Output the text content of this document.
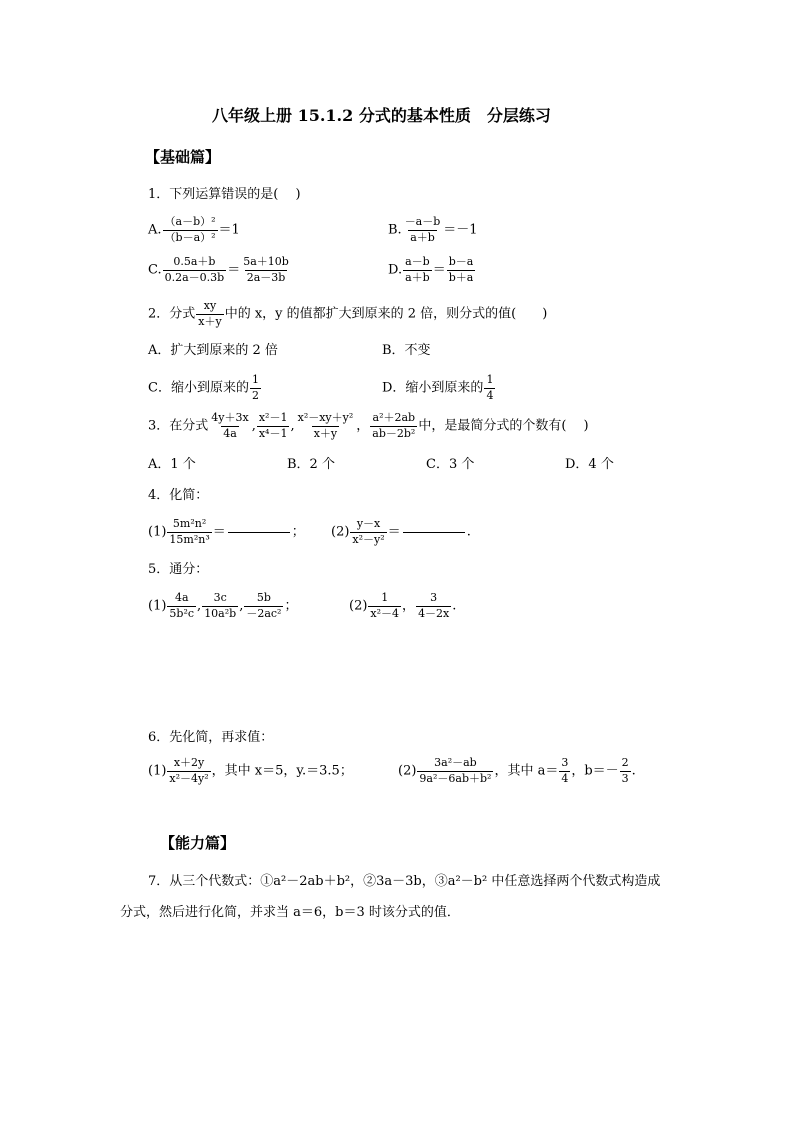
八年级上册 15.1.2 分式的基本性质　分层练习
【基础篇】
1．下列运算错误的是(　 )
A. $\frac{\text{（a－b）²}}{\text{（b－a）²}} =1$	B. $\frac{-a-b}{a+b} =-1$
C. $\frac{0.5a+b}{0.2a-0.3b} = \frac{5a+10b}{2a-3b}$	D. $\frac{a-b}{a+b} = \frac{b-a}{b+a}$
2．分式 $\frac{xy}{x+y}$ 中的 x，y 的值都扩大到原来的 2 倍，则分式的值(　　)
A．扩大到原来的 2 倍	B．不变
C．缩小到原来的 $\frac{1}{2}$	D．缩小到原来的 $\frac{1}{4}$
3．在分式 $\frac{4y+3x}{4a}$ , $\frac{\text{x²－1}}{\text{x⁴－1}}$ , $\frac{\text{x²－xy＋y²}}{x+y}$ ， $\frac{\text{a²＋2ab}}{\text{ab－2b²}}$ 中，是最简分式的个数有(　 )
A．1 个	B．2 个	C．3 个	D．4 个
4．化简：
$(1) \frac{\text{5m²n²}}{\text{15m²n³}}$ ＝	； $(2) \frac{y-x}{\text{x²－y²}}$ ＝	.
5．通分：
$(1) \frac{4a}{\text{5b²c}}$ , $\frac{3c}{\text{10a²b}}$ , $\frac{5b}{\text{－2ac²}}$ ；	$(2) \frac{1}{\text{x²－4}}$ ， $\frac{3}{4-2x}$ .
6．先化简，再求值：
$(1) \frac{x+2y}{\text{x²－4y²}}$ ，其中 x＝5，y.＝3.5；	$(2) \frac{\text{3a²－ab}}{\text{9a²－6ab＋b²}}$ ，其中 $a= \frac{3}{4}$ ，$b=- \frac{2}{3}$ .
【能力篇】
7．从三个代数式：①a²－2ab＋b²，②3a－3b，③a²－b² 中任意选择两个代数式构造成
分式，然后进行化简，并求当 a＝6，b＝3 时该分式的值．
